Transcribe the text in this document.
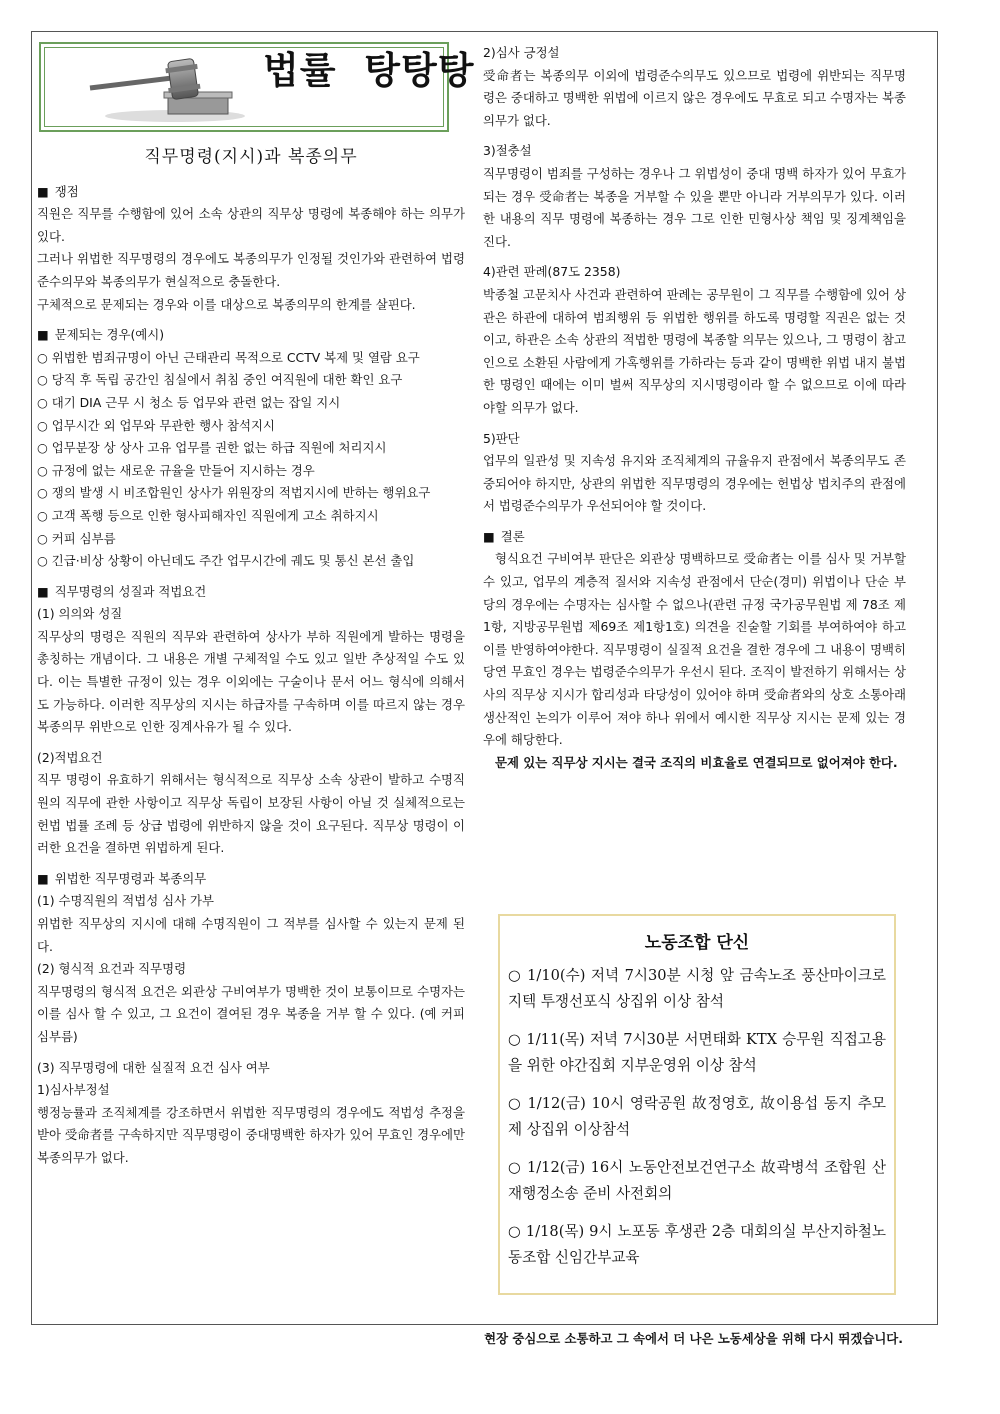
법률 탕탕탕
직무명령(지시)과 복종의무
■ 쟁점

직원은 직무를 수행함에 있어 소속 상관의 직무상 명령에 복종해야 하는 의무가 있다.

그러나 위법한 직무명령의 경우에도 복종의무가 인정될 것인가와 관련하여 법령준수의무와 복종의무가 현실적으로 충돌한다.

구체적으로 문제되는 경우와 이를 대상으로 복종의무의 한계를 살핀다.

■ 문제되는 경우(예시)
○ 위법한 범죄규명이 아닌 근태관리 목적으로 CCTV 복제 및 열람 요구
○ 당직 후 독립 공간인 침실에서 취침 중인 여직원에 대한 확인 요구
○ 대기 DIA 근무 시 청소 등 업무와 관련 없는 잡일 지시
○ 업무시간 외 업무와 무관한 행사 참석지시
○ 업무분장 상 상사 고유 업무를 권한 없는 하급 직원에 처리지시
○ 규정에 없는 새로운 규율을 만들어 지시하는 경우
○ 쟁의 발생 시 비조합원인 상사가 위원장의 적법지시에 반하는 행위요구
○ 고객 폭행 등으로 인한 형사피해자인 직원에게 고소 취하지시
○ 커피 심부름
○ 긴급·비상 상황이 아닌데도 주간 업무시간에 궤도 및 통신 본선 출입
■ 직무명령의 성질과 적법요건
(1) 의의와 성질

직무상의 명령은 직원의 직무와 관련하여 상사가 부하 직원에게 발하는 명령을 총칭하는 개념이다. 그 내용은 개별 구체적일 수도 있고 일반 추상적일 수도 있다. 이는 특별한 규정이 있는 경우 이외에는 구술이나 문서 어느 형식에 의해서도 가능하다. 이러한 직무상의 지시는 하급자를 구속하며 이를 따르지 않는 경우 복종의무 위반으로 인한 징계사유가 될 수 있다.

(2)적법요건

직무 명령이 유효하기 위해서는 형식적으로 직무상 소속 상관이 발하고 수명직원의 직무에 관한 사항이고 직무상 독립이 보장된 사항이 아닐 것 실체적으로는 헌법 법률 조례 등 상급 법령에 위반하지 않을 것이 요구된다. 직무상 명령이 이러한 요건을 결하면 위법하게 된다.

■ 위법한 직무명령과 복종의무
(1) 수명직원의 적법성 심사 가부

위법한 직무상의 지시에 대해 수명직원이 그 적부를 심사할 수 있는지 문제 된다.

(2) 형식적 요건과 직무명령

직무명령의 형식적 요건은 외관상 구비여부가 명백한 것이 보통이므로 수명자는 이를 심사 할 수 있고, 그 요건이 결여된 경우 복종을 거부 할 수 있다. (예 커피 심부름)

(3) 직무명령에 대한 실질적 요건 심사 여부
1)심사부정설

행정능률과 조직체계를 강조하면서 위법한 직무명령의 경우에도 적법성 추정을 받아 受命者를 구속하지만 직무명령이 중대명백한 하자가 있어 무효인 경우에만 복종의무가 없다.

2)심사 긍정설

受命者는 복종의무 이외에 법령준수의무도 있으므로 법령에 위반되는 직무명령은 중대하고 명백한 위법에 이르지 않은 경우에도 무효로 되고 수명자는 복종의무가 없다.

3)절충설

직무명령이 범죄를 구성하는 경우나 그 위법성이 중대 명백 하자가 있어 무효가 되는 경우 受命者는 복종을 거부할 수 있을 뿐만 아니라 거부의무가 있다. 이러한 내용의 직무 명령에 복종하는 경우 그로 인한 민형사상 책임 및 징계책임을 진다.

4)관련 판례(87도 2358)

박종철 고문치사 사건과 관련하여 판례는 공무원이 그 직무를 수행함에 있어 상관은 하관에 대하여 범죄행위 등 위법한 행위를 하도록 명령할 직권은 없는 것이고, 하관은 소속 상관의 적법한 명령에 복종할 의무는 있으나, 그 명령이 참고인으로 소환된 사람에게 가혹행위를 가하라는 등과 같이 명백한 위법 내지 불법한 명령인 때에는 이미 벌써 직무상의 지시명령이라 할 수 없으므로 이에 따라야할 의무가 없다.

5)판단

업무의 일관성 및 지속성 유지와 조직체계의 규율유지 관점에서 복종의무도 존중되어야 하지만, 상관의 위법한 직무명령의 경우에는 헌법상 법치주의 관점에서 법령준수의무가 우선되어야 할 것이다.

■ 결론

형식요건 구비여부 판단은 외관상 명백하므로 受命者는 이를 심사 및 거부할 수 있고, 업무의 계층적 질서와 지속성 관점에서 단순(경미) 위법이나 단순 부당의 경우에는 수명자는 심사할 수 없으나(관련 규정 국가공무원법 제 78조 제 1항, 지방공무원법 제69조 제1항1호) 의견을 진술할 기회를 부여하여야 하고 이를 반영하여야한다. 직무명령이 실질적 요건을 결한 경우에 그 내용이 명백히 당연 무효인 경우는 법령준수의무가 우선시 된다. 조직이 발전하기 위해서는 상사의 직무상 지시가 합리성과 타당성이 있어야 하며 受命者와의 상호 소통아래 생산적인 논의가 이루어 져야 하나 위에서 예시한 직무상 지시는 문제 있는 경우에 해당한다.

문제 있는 직무상 지시는 결국 조직의 비효율로 연결되므로 없어져야 한다.

노동조합 단신
○ 1/10(수) 저녁 7시30분 시청 앞 금속노조 풍산마이크로지텍 투쟁선포식 상집위 이상 참석
○ 1/11(목) 저녁 7시30분 서면태화 KTX 승무원 직접고용을 위한 야간집회 지부운영위 이상 참석
○ 1/12(금) 10시 영락공원 故정영호, 故이용섭 동지 추모제 상집위 이상참석
○ 1/12(금) 16시 노동안전보건연구소 故곽병석 조합원 산재행정소송 준비 사전회의
○ 1/18(목) 9시 노포동 후생관 2층 대회의실 부산지하철노동조합 신임간부교육
현장 중심으로 소통하고 그 속에서 더 나은 노동세상을 위해 다시 뛰겠습니다.
